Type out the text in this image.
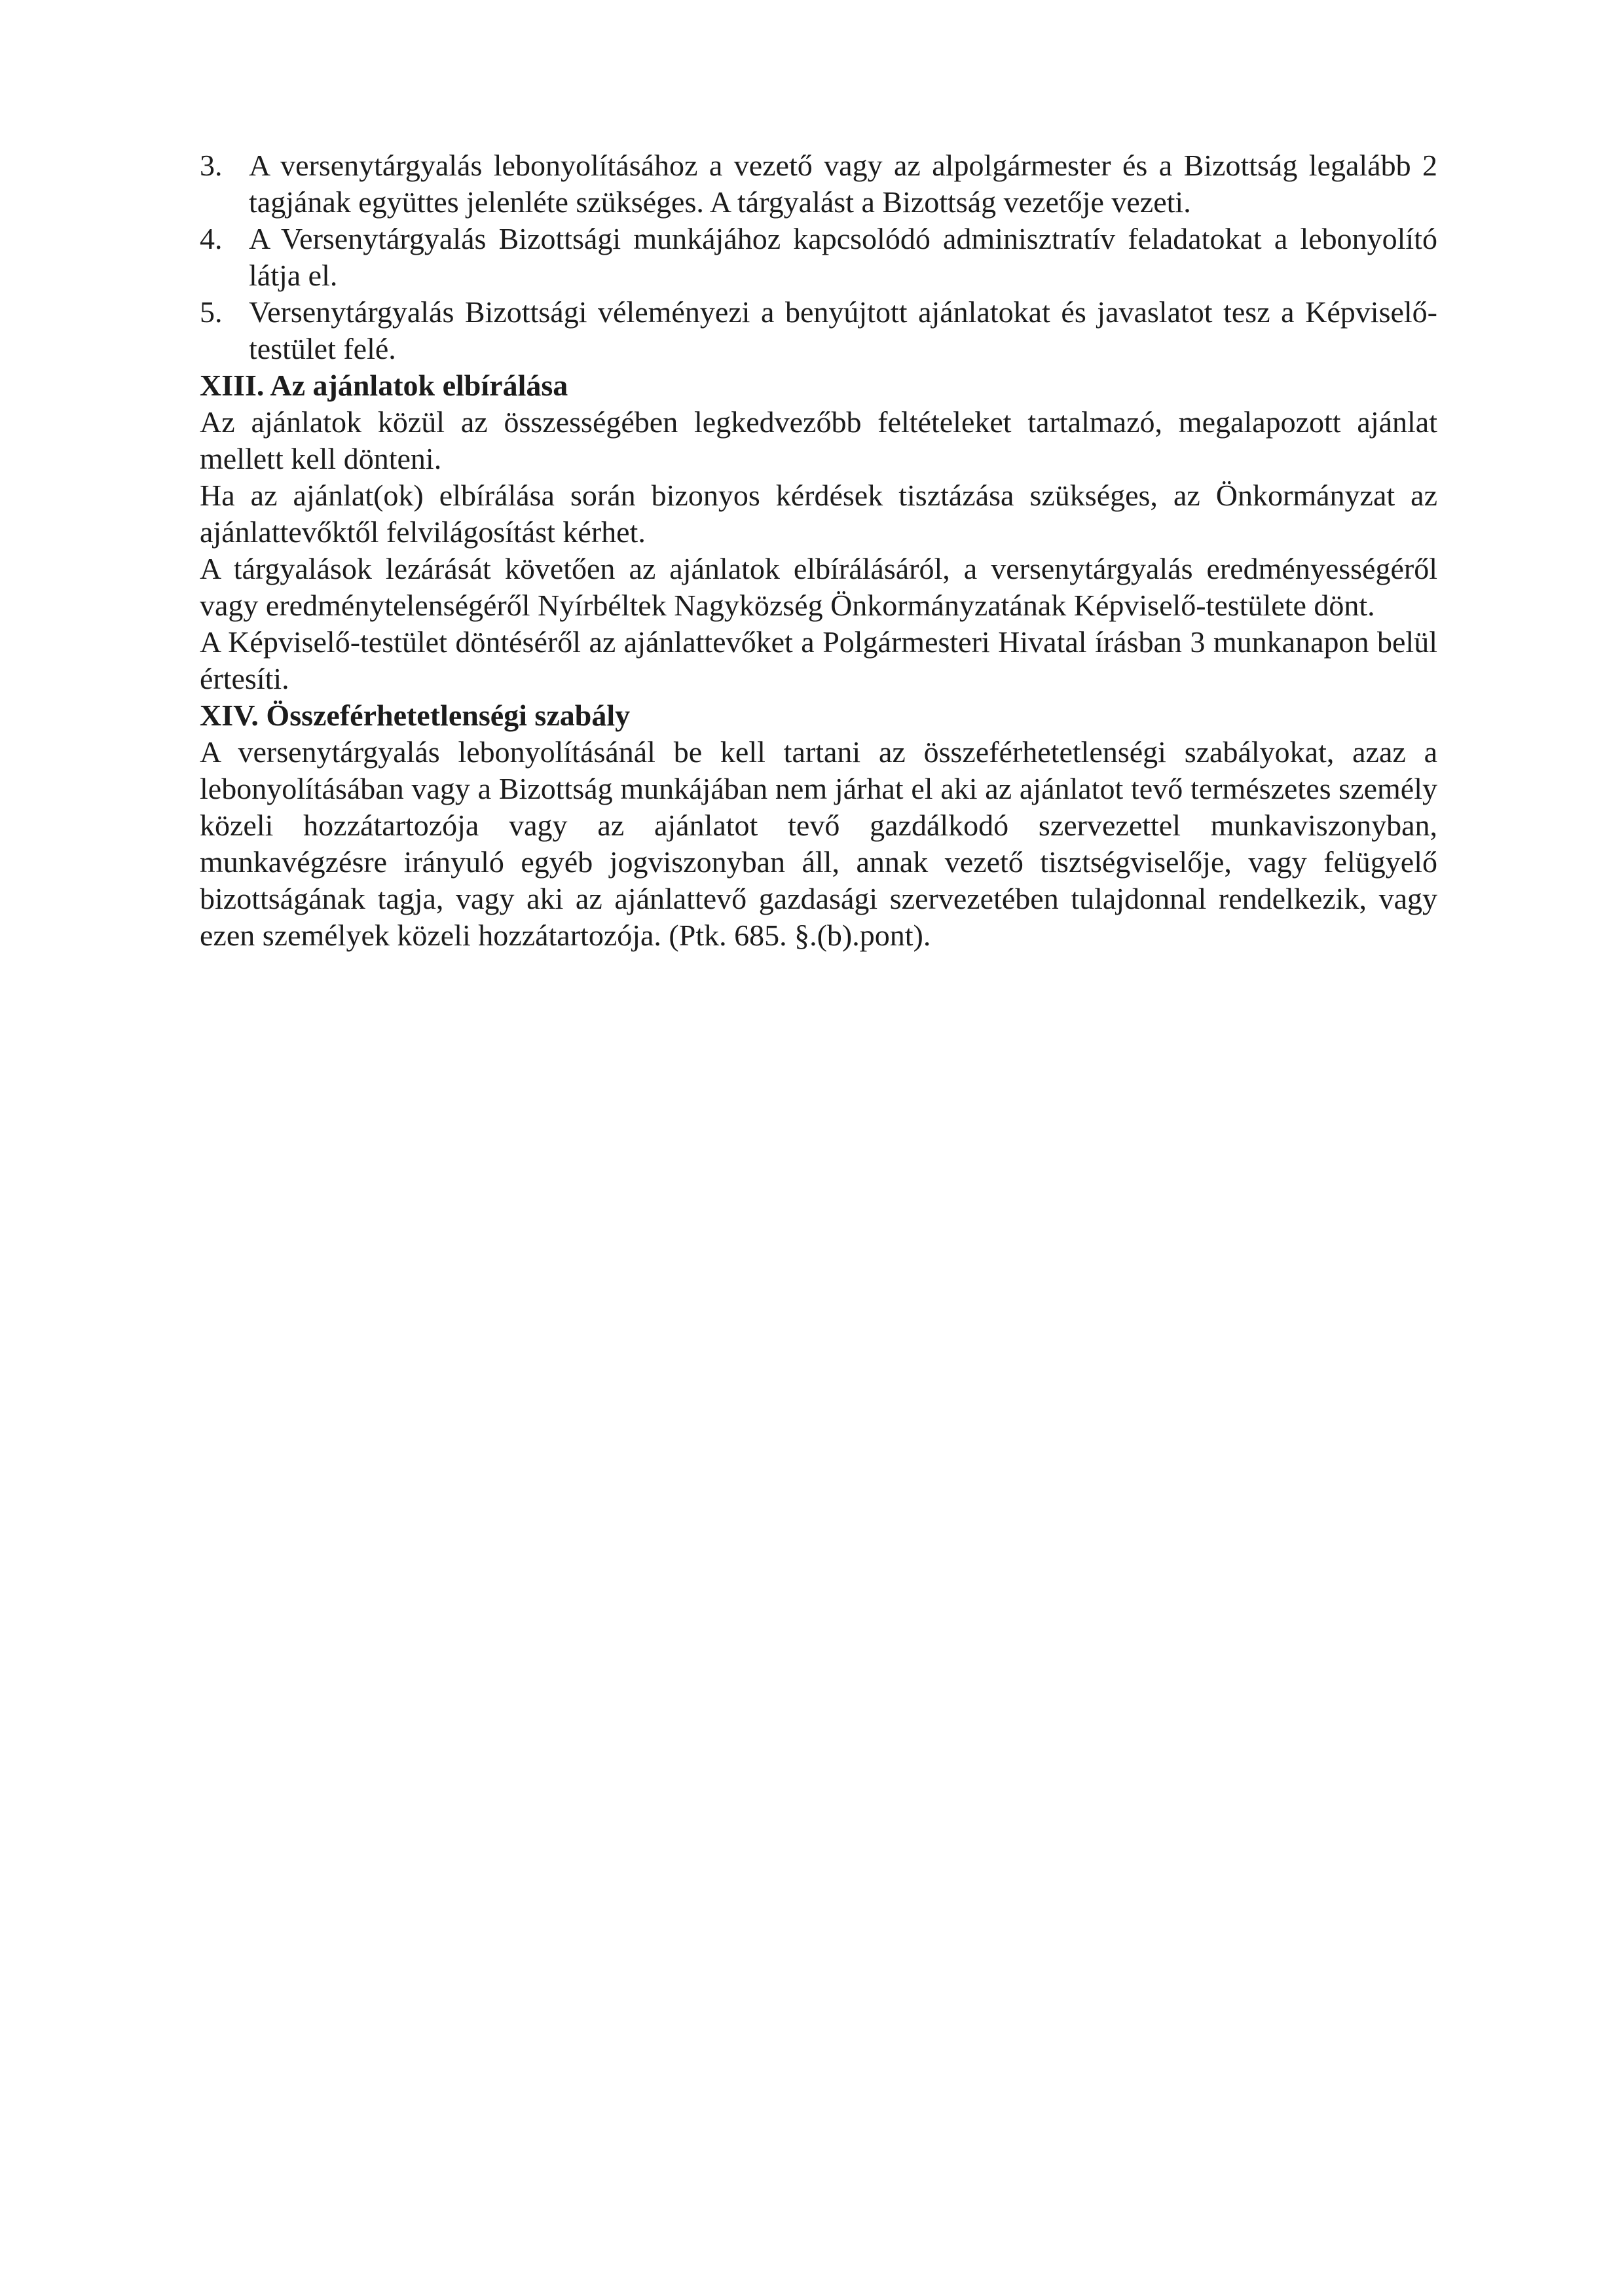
3. A versenytárgyalás lebonyolításához a vezető vagy az alpolgármester és a Bizottság legalább 2 tagjának együttes jelenléte szükséges. A tárgyalást a Bizottság vezetője vezeti.
4. A Versenytárgyalás Bizottsági munkájához kapcsolódó adminisztratív feladatokat a lebonyolító látja el.
5. Versenytárgyalás Bizottsági véleményezi a benyújtott ajánlatokat és javaslatot tesz a Képviselő-testület felé.

XIII. Az ajánlatok elbírálása

Az ajánlatok közül az összességében legkedvezőbb feltételeket tartalmazó, megalapozott ajánlat mellett kell dönteni.

Ha az ajánlat(ok) elbírálása során bizonyos kérdések tisztázása szükséges, az Önkormányzat az ajánlattevőktől felvilágosítást kérhet.

A tárgyalások lezárását követően az ajánlatok elbírálásáról, a versenytárgyalás eredményességéről vagy eredménytelenségéről Nyírbéltek Nagyközség Önkormányzatának Képviselő-testülete dönt.

A Képviselő-testület döntéséről az ajánlattevőket a Polgármesteri Hivatal írásban 3 munkanapon belül értesíti.

XIV. Összeférhetetlenségi szabály

A versenytárgyalás lebonyolításánál be kell tartani az összeférhetetlenségi szabályokat, azaz a lebonyolításában vagy a Bizottság munkájában nem járhat el aki az ajánlatot tevő természetes személy közeli hozzátartozója vagy az ajánlatot tevő gazdálkodó szervezettel munkaviszonyban, munkavégzésre irányuló egyéb jogviszonyban áll, annak vezető tisztségviselője, vagy felügyelő bizottságának tagja, vagy aki az ajánlattevő gazdasági szervezetében tulajdonnal rendelkezik, vagy ezen személyek közeli hozzátartozója. (Ptk. 685. §.(b).pont).
